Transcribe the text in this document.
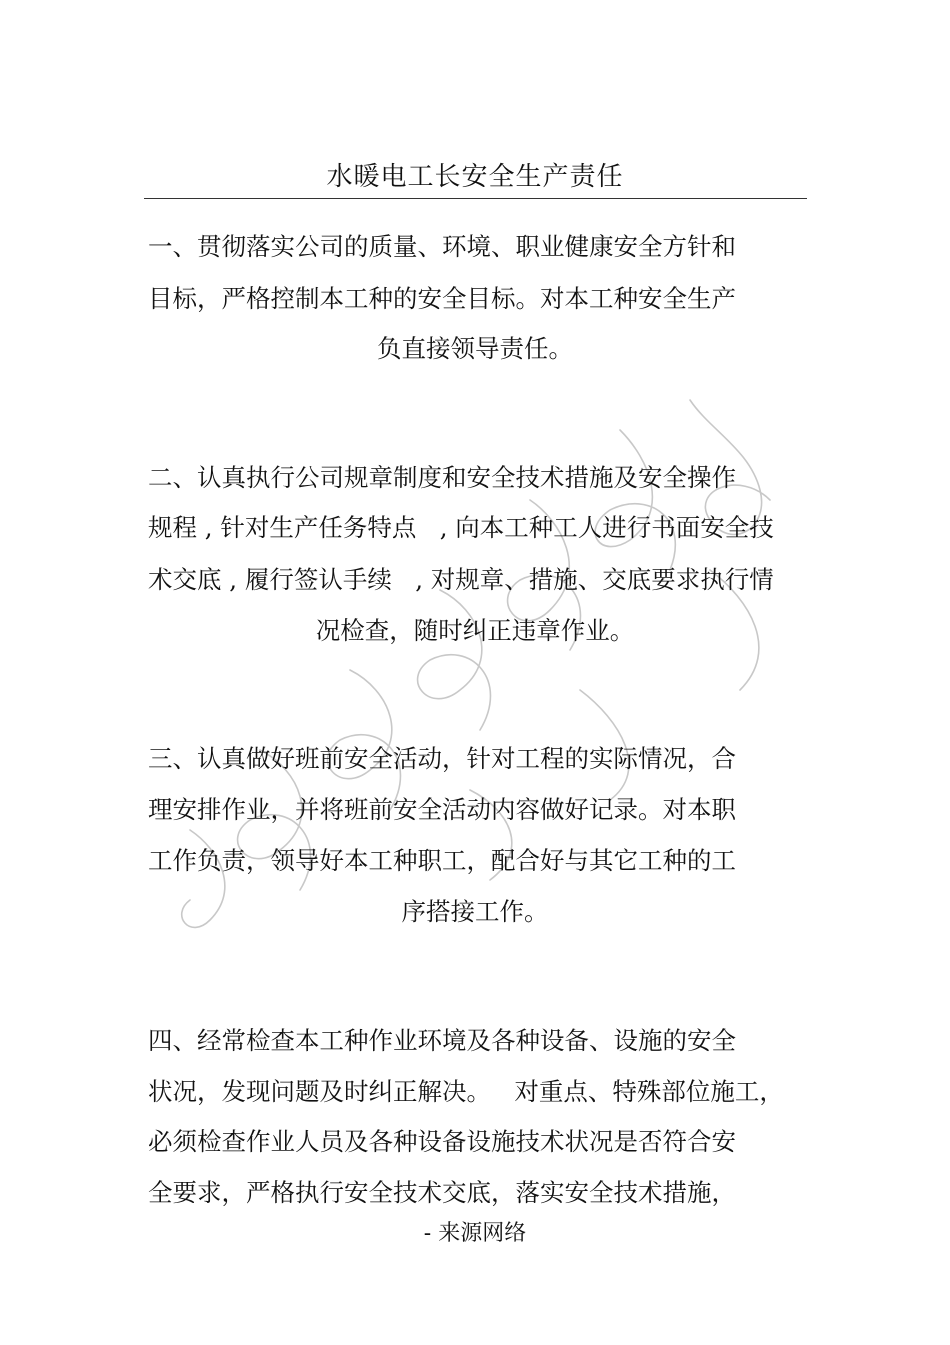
水暖电工长安全生产责任
一、贯彻落实公司的质量、环境、职业健康安全方针和
目标，严格控制本工种的安全目标。对本工种安全生产
负直接领导责任。
二、认真执行公司规章制度和安全技术措施及安全操作
规程 , 针对生产任务特点   , 向本工种工人进行书面安全技
术交底 , 履行签认手续   , 对规章、措施、交底要求执行情
况检查，随时纠正违章作业。
三、认真做好班前安全活动，针对工程的实际情况，合
理安排作业，并将班前安全活动内容做好记录。对本职
工作负责，领导好本工种职工，配合好与其它工种的工
序搭接工作。
四、经常检查本工种作业环境及各种设备、设施的安全
状况，发现问题及时纠正解决。   对重点、特殊部位施工，
必须检查作业人员及各种设备设施技术状况是否符合安
全要求，严格执行安全技术交底，落实安全技术措施，
- 来源网络
